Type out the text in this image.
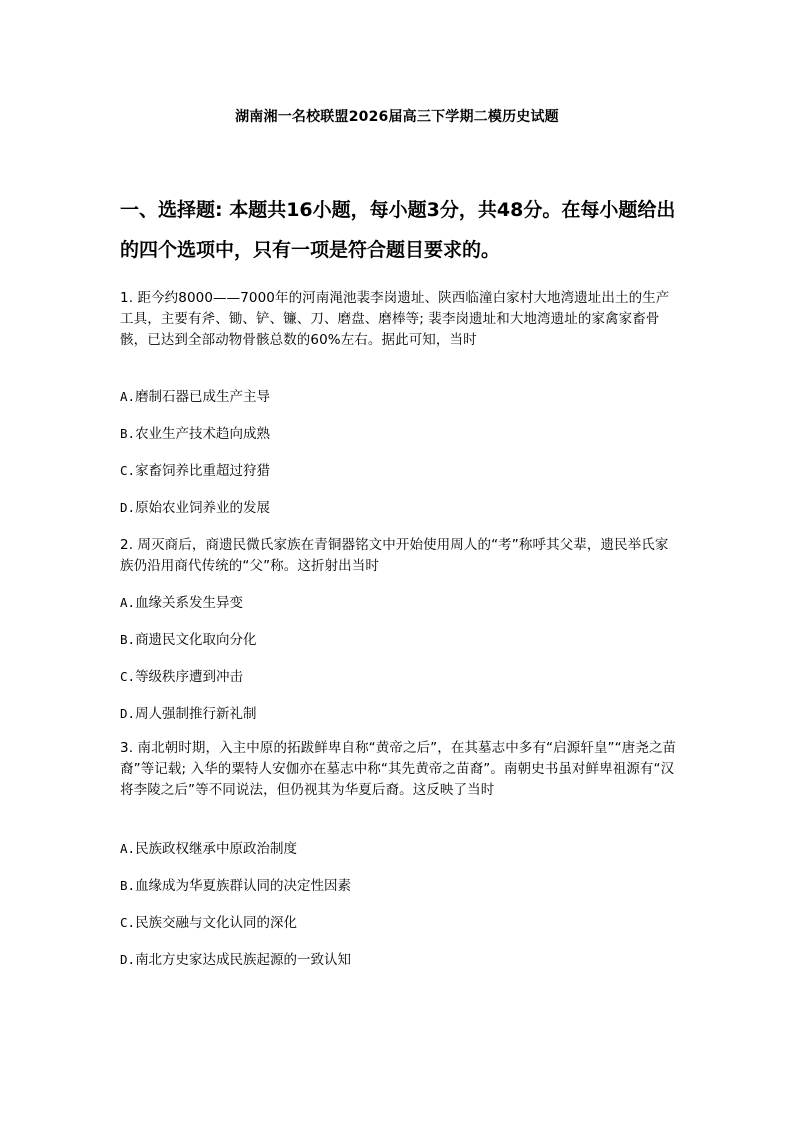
湖南湘一名校联盟2026届高三下学期二模历史试题
一、选择题: 本题共16小题，每小题3分，共48分。在每小题给出的四个选项中，只有一项是符合题目要求的。

1. 距今约8000——7000年的河南渑池裴李岗遗址、陕西临潼白家村大地湾遗址出土的生产工具，主要有斧、锄、铲、镰、刀、磨盘、磨棒等; 裴李岗遗址和大地湾遗址的家禽家畜骨骸，已达到全部动物骨骸总数的60%左右。据此可知，当时

A.磨制石器已成生产主导

B.农业生产技术趋向成熟

C.家畜饲养比重超过狩猎

D.原始农业饲养业的发展

2. 周灭商后，商遗民微氏家族在青铜器铭文中开始使用周人的“考”称呼其父辈，遗民举氏家族仍沿用商代传统的“父”称。这折射出当时

A.血缘关系发生异变

B.商遗民文化取向分化

C.等级秩序遭到冲击

D.周人强制推行新礼制

3. 南北朝时期，入主中原的拓跋鲜卑自称“黄帝之后”，在其墓志中多有“启源轩皇”“唐尧之苗裔”等记载; 入华的粟特人安伽亦在墓志中称“其先黄帝之苗裔”。南朝史书虽对鲜卑祖源有“汉将李陵之后”等不同说法，但仍视其为华夏后裔。这反映了当时

A.民族政权继承中原政治制度

B.血缘成为华夏族群认同的决定性因素

C.民族交融与文化认同的深化

D.南北方史家达成民族起源的一致认知
